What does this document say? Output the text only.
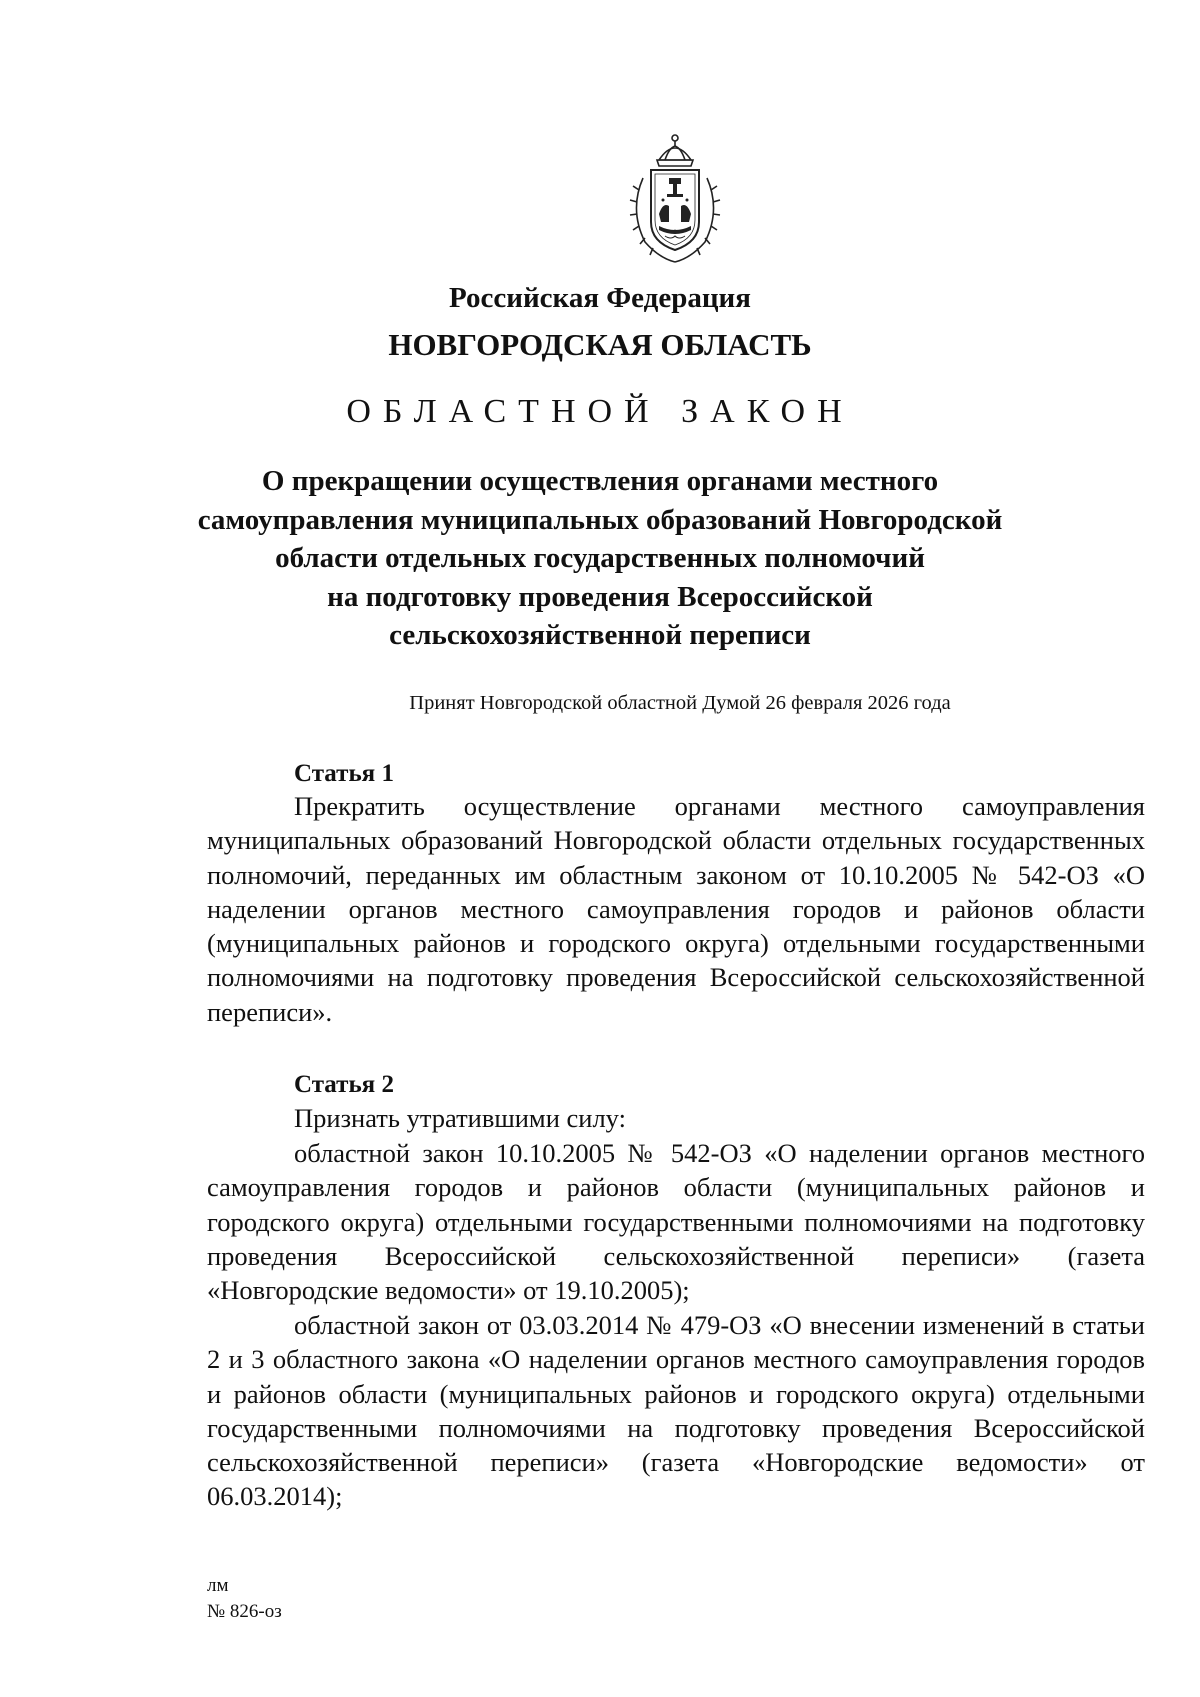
Российская Федерация
НОВГОРОДСКАЯ ОБЛАСТЬ
ОБЛАСТНОЙ ЗАКОН
О прекращении осуществления органами местного
самоуправления муниципальных образований Новгородской
области отдельных государственных полномочий
на подготовку проведения Всероссийской
сельскохозяйственной переписи
Принят Новгородской областной Думой 26 февраля 2026 года
Статья 1
Прекратить осуществление органами местного самоуправления муниципальных образований Новгородской области отдельных государственных полномочий, переданных им областным законом от 10.10.2005 № 542-ОЗ «О наделении органов местного самоуправления городов и районов области (муниципальных районов и городского округа) отдельными государственными полномочиями на подготовку проведения Всероссийской сельскохозяйственной переписи».
Статья 2
Признать утратившими силу:
областной закон 10.10.2005 № 542-ОЗ «О наделении органов местного самоуправления городов и районов области (муниципальных районов и городского округа) отдельными государственными полномочиями на подготовку проведения Всероссийской сельскохозяйственной переписи» (газета «Новгородские ведомости» от 19.10.2005);
областной закон от 03.03.2014 № 479-ОЗ «О внесении изменений в статьи 2 и 3 областного закона «О наделении органов местного самоуправления городов и районов области (муниципальных районов и городского округа) отдельными государственными полномочиями на подготовку проведения Всероссийской сельскохозяйственной переписи» (газета «Новгородские ведомости» от 06.03.2014);
лм
№ 826-оз
